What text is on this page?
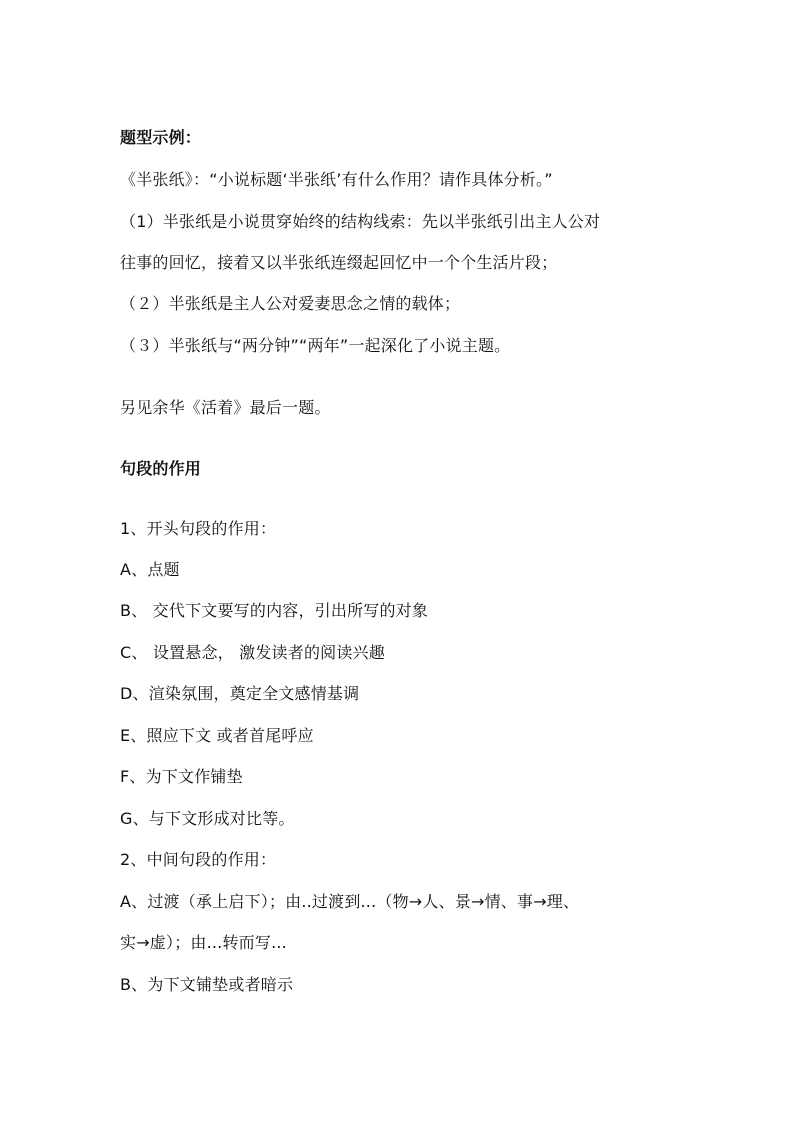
题型示例：
《半张纸》：“小说标题‘半张纸’有什么作用？请作具体分析。”
（1）半张纸是小说贯穿始终的结构线索：先以半张纸引出主人公对
往事的回忆，接着又以半张纸连缀起回忆中一个个生活片段；
（２）半张纸是主人公对爱妻思念之情的载体；
（３）半张纸与“两分钟”“两年”一起深化了小说主题。
另见余华《活着》最后一题。
句段的作用
1、开头句段的作用：
A、点题
B、 交代下文要写的内容，引出所写的对象
C、 设置悬念， 激发读者的阅读兴趣
D、渲染氛围，奠定全文感情基调
E、照应下文 或者首尾呼应
F、为下文作铺垫
G、与下文形成对比等。
2、中间句段的作用：
A、过渡（承上启下）；由..过渡到...（物→人、景→情、事→理、
实→虚）；由...转而写...
B、为下文铺垫或者暗示
